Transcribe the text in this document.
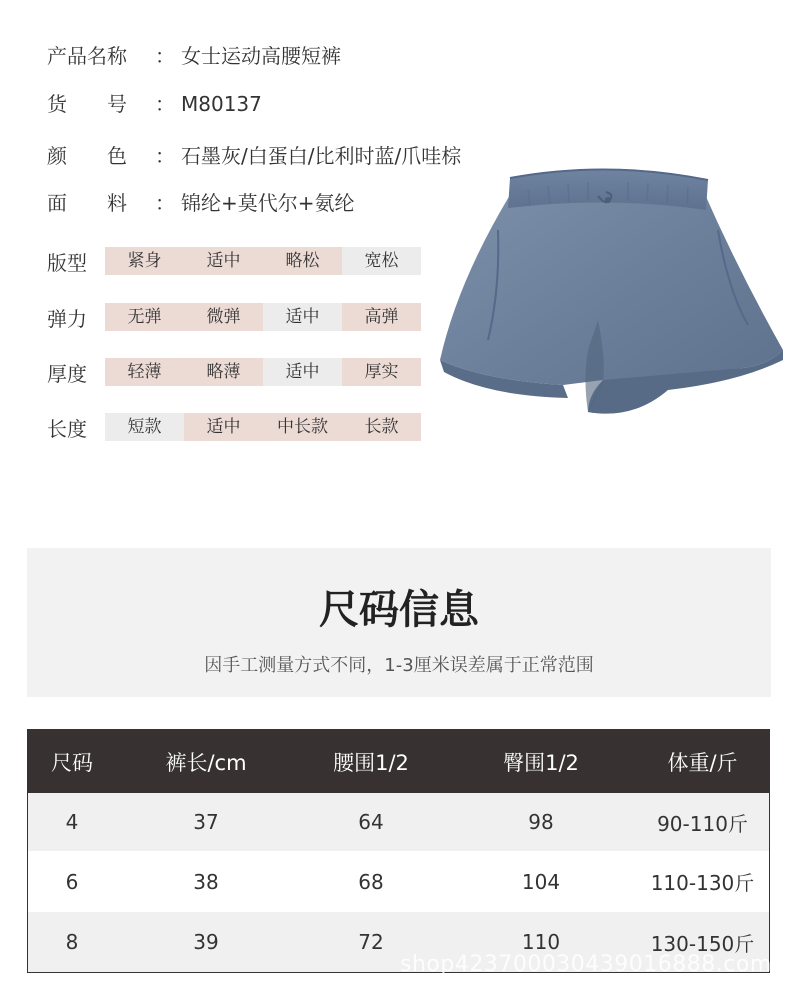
产品名称 ： 女士运动高腰短裤
货　　号 ： M80137
颜　　色 ： 石墨灰/白蛋白/比利时蓝/爪哇棕
面　　料 ： 锦纶+莫代尔+氨纶
版型	紧身	适中	略松	宽松
弹力	无弹	微弹	适中	高弹
厚度	轻薄	略薄	适中	厚实
长度	短款	适中	中长款	长款
尺码信息
因手工测量方式不同，1-3厘米误差属于正常范围
尺码	裤长/cm	腰围1/2	臀围1/2	体重/斤
4	37	64	98	90-110斤
6	38	68	104	110-130斤
8	39	72	110	130-150斤
shop423700030439016888.com
